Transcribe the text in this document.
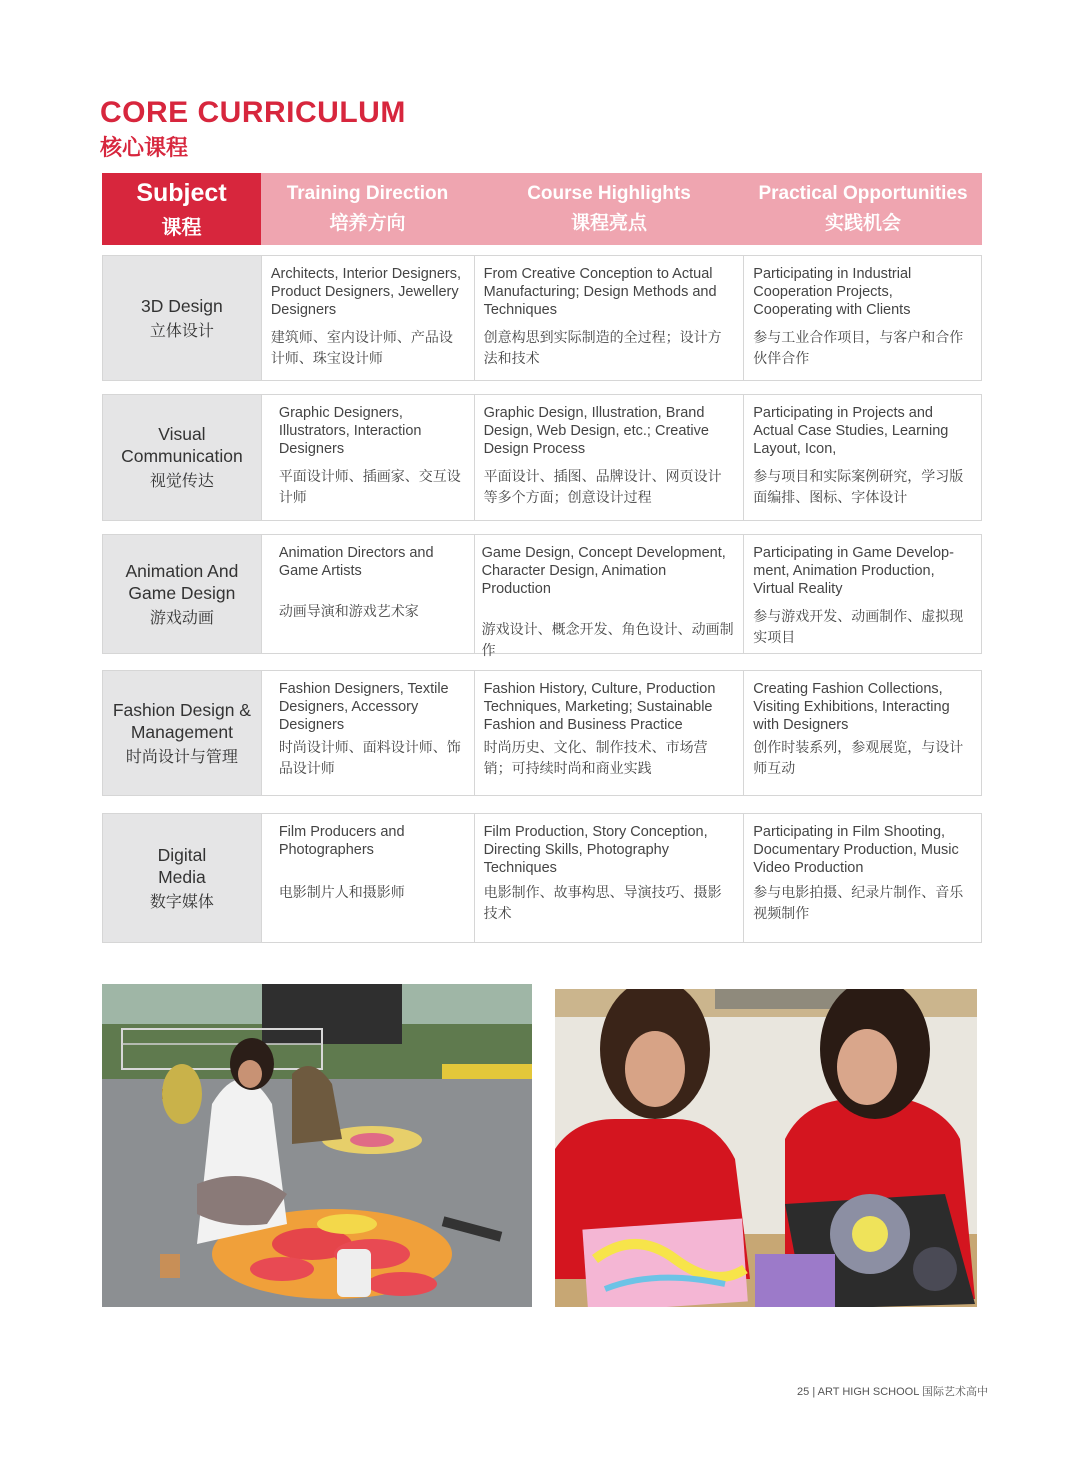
CORE CURRICULUM
核心课程
Subject
课程
Training Direction
培养方向
Course Highlights
课程亮点
Practical Opportunities
实践机会
3D Design
立体设计
Architects, Interior Designers, Product Designers, Jewellery Designers
建筑师、室内设计师、产品设计师、珠宝设计师
From Creative Conception to Actual Manufacturing; Design Methods and Techniques
创意构思到实际制造的全过程；设计方法和技术
Participating in Industrial Cooperation Projects, Cooperating with Clients
参与工业合作项目，与客户和合作伙伴合作
Visual Communication
视觉传达
Graphic Designers, Illustrators, Interaction Designers
平面设计师、插画家、交互设计师
Graphic Design, Illustration, Brand Design, Web Design, etc.; Creative Design Process
平面设计、插图、品牌设计、网页设计等多个方面；创意设计过程
Participating in Projects and Actual Case Studies, Learning Layout, Icon,
参与项目和实际案例研究，学习版面编排、图标、字体设计
Animation And Game Design
游戏动画
Animation Directors and Game Artists
动画导演和游戏艺术家
Game Design, Concept Development, Character Design, Animation Production
游戏设计、概念开发、角色设计、动画制作
Participating in Game Develop-ment, Animation Production, Virtual Reality
参与游戏开发、动画制作、虚拟现实项目
Fashion Design & Management
时尚设计与管理
Fashion Designers, Textile Designers, Accessory Designers
时尚设计师、面料设计师、饰品设计师
Fashion History, Culture, Production Techniques, Marketing; Sustainable Fashion and Business Practice
时尚历史、文化、制作技术、市场营销；可持续时尚和商业实践
Creating Fashion Collections, Visiting Exhibitions, Interacting with Designers
创作时装系列，参观展览，与设计师互动
Digital Media
数字媒体
Film Producers and Photographers
电影制片人和摄影师
Film Production, Story Conception, Directing Skills, Photography Techniques
电影制作、故事构思、导演技巧、摄影技术
Participating in Film Shooting, Documentary Production, Music Video Production
参与电影拍摄、纪录片制作、音乐视频制作
25 | ART HIGH SCHOOL 国际艺术高中
